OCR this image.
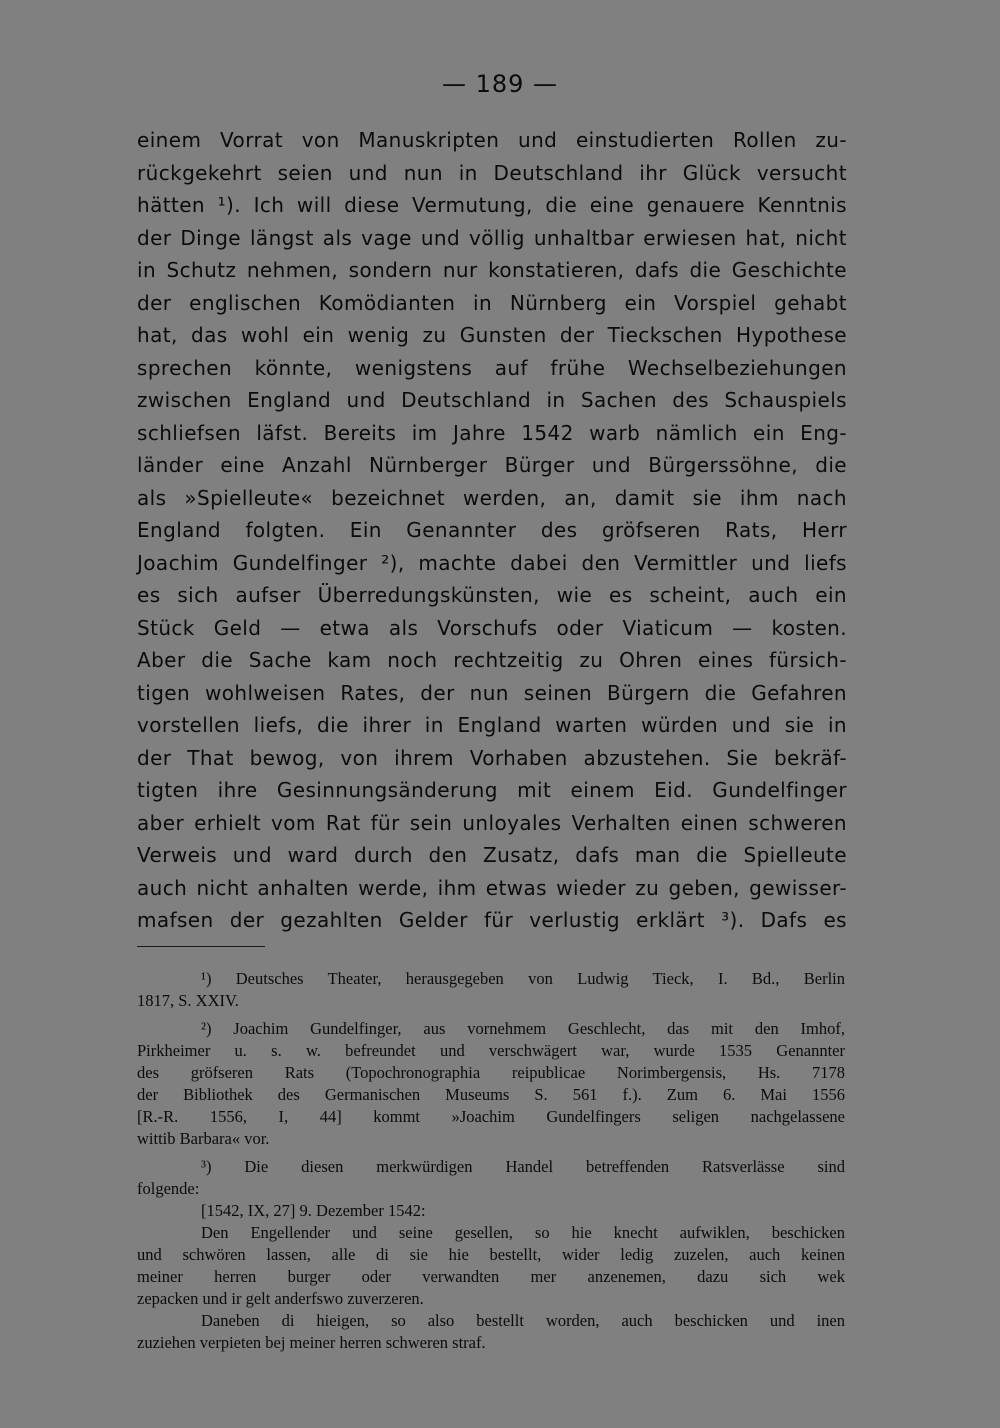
— 189 —
einem Vorrat von Manuskripten und einstudierten Rollen zu-
rückgekehrt seien und nun in Deutschland ihr Glück versucht
hätten ¹). Ich will diese Vermutung, die eine genauere Kenntnis
der Dinge längst als vage und völlig unhaltbar erwiesen hat, nicht
in Schutz nehmen, sondern nur konstatieren, dafs die Geschichte
der englischen Komödianten in Nürnberg ein Vorspiel gehabt
hat, das wohl ein wenig zu Gunsten der Tieckschen Hypothese
sprechen könnte, wenigstens auf frühe Wechselbeziehungen
zwischen England und Deutschland in Sachen des Schauspiels
schliefsen läfst. Bereits im Jahre 1542 warb nämlich ein Eng-
länder eine Anzahl Nürnberger Bürger und Bürgerssöhne, die
als »Spielleute« bezeichnet werden, an, damit sie ihm nach
England folgten. Ein Genannter des gröfseren Rats, Herr
Joachim Gundelfinger ²), machte dabei den Vermittler und liefs
es sich aufser Überredungskünsten, wie es scheint, auch ein
Stück Geld — etwa als Vorschufs oder Viaticum — kosten.
Aber die Sache kam noch rechtzeitig zu Ohren eines fürsich-
tigen wohlweisen Rates, der nun seinen Bürgern die Gefahren
vorstellen liefs, die ihrer in England warten würden und sie in
der That bewog, von ihrem Vorhaben abzustehen. Sie bekräf-
tigten ihre Gesinnungsänderung mit einem Eid. Gundelfinger
aber erhielt vom Rat für sein unloyales Verhalten einen schweren
Verweis und ward durch den Zusatz, dafs man die Spielleute
auch nicht anhalten werde, ihm etwas wieder zu geben, gewisser-
mafsen der gezahlten Gelder für verlustig erklärt ³). Dafs es
¹) Deutsches Theater, herausgegeben von Ludwig Tieck, I. Bd., Berlin
1817, S. XXIV.
²) Joachim Gundelfinger, aus vornehmem Geschlecht, das mit den Imhof,
Pirkheimer u. s. w. befreundet und verschwägert war, wurde 1535 Genannter
des gröfseren Rats (Topochronographia reipublicae Norimbergensis, Hs. 7178
der Bibliothek des Germanischen Museums S. 561 f.). Zum 6. Mai 1556
[R.-R. 1556, I, 44] kommt »Joachim Gundelfingers seligen nachgelassene
wittib Barbara« vor.
³) Die diesen merkwürdigen Handel betreffenden Ratsverlässe sind
folgende:
[1542, IX, 27] 9. Dezember 1542:
Den Engellender und seine gesellen, so hie knecht aufwiklen, beschicken
und schwören lassen, alle di sie hie bestellt, wider ledig zuzelen, auch keinen
meiner herren burger oder verwandten mer anzenemen, dazu sich wek
zepacken und ir gelt anderfswo zuverzeren.
Daneben di hieigen, so also bestellt worden, auch beschicken und inen
zuziehen verpieten bej meiner herren schweren straf.
